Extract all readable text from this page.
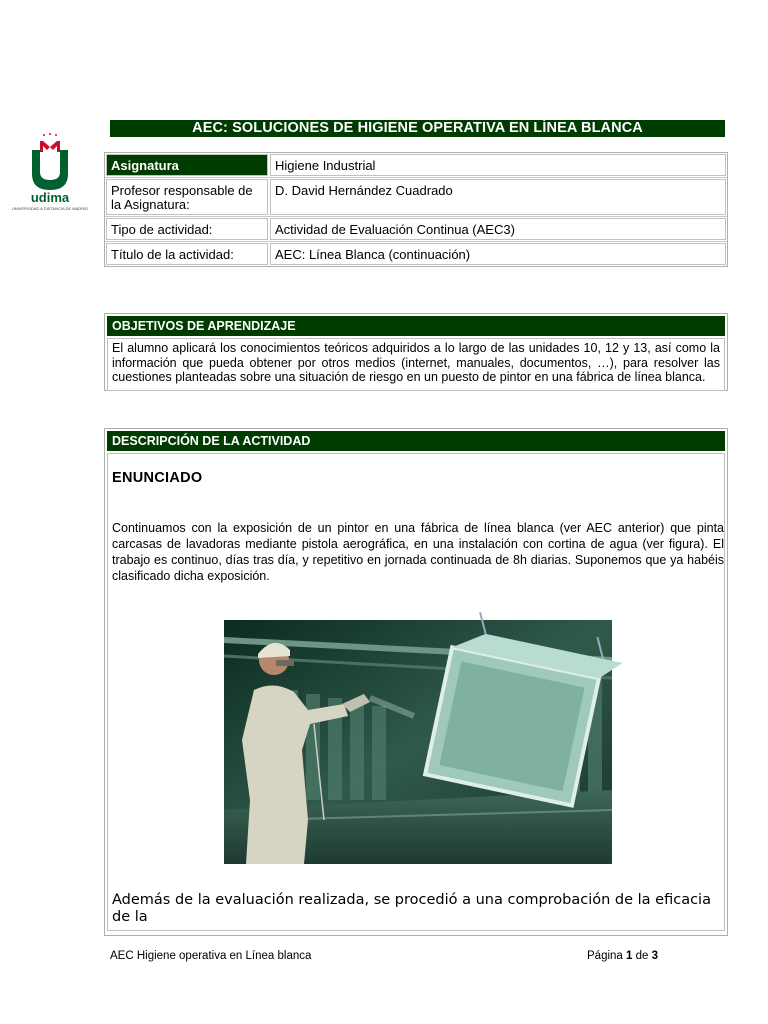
udima
UNIVERSIDAD A DISTANCIA DE MADRID
AEC: SOLUCIONES DE HIGIENE OPERATIVA EN LÍNEA BLANCA
Asignatura	Higiene Industrial
Profesor responsable de la Asignatura:
D. David Hernández Cuadrado
Tipo de actividad:	Actividad de Evaluación Continua (AEC3)
Título de la actividad:	AEC: Línea Blanca (continuación)
OBJETIVOS DE APRENDIZAJE
El alumno aplicará los conocimientos teóricos adquiridos a lo largo de las unidades 10, 12 y 13, así como la información que pueda obtener por otros medios (internet, manuales, documentos, …), para resolver las cuestiones planteadas sobre una situación de riesgo en un puesto de pintor en una fábrica de línea blanca.
DESCRIPCIÓN DE LA ACTIVIDAD
ENUNCIADO
Continuamos con la exposición de un pintor en una fábrica de línea blanca (ver AEC anterior) que pinta carcasas de lavadoras mediante pistola aerográfica, en una instalación con cortina de agua (ver figura). El trabajo es continuo, días tras día, y repetitivo en jornada continuada de 8h diarias. Suponemos que ya habéis clasificado dicha exposición.
Además de la evaluación realizada, se procedió a una comprobación de la eficacia de la
AEC Higiene operativa en Línea blanca	Página 1 de 3
